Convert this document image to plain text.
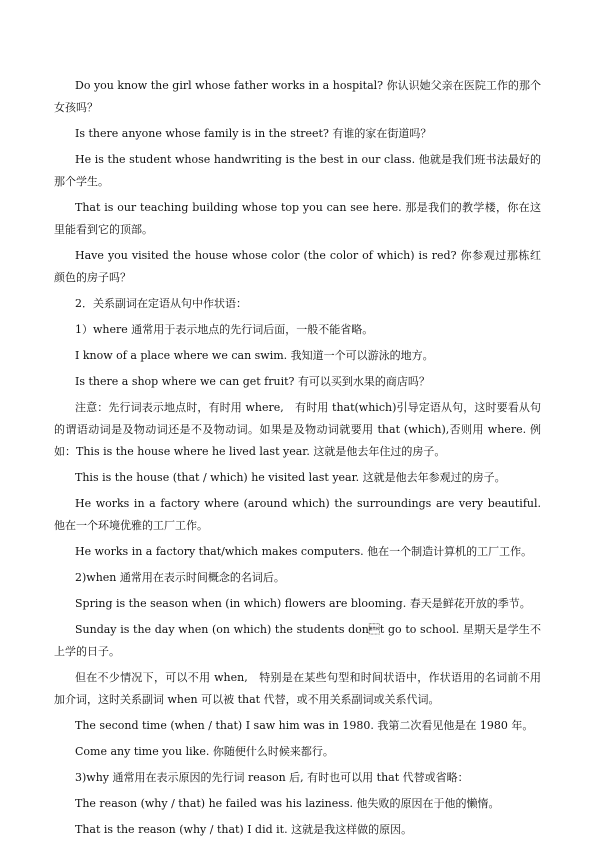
Do you know the girl whose father works in a hospital? 你认识她父亲在医院工作的那个女孩吗？

Is there anyone whose family is in the street? 有谁的家在街道吗？

He is the student whose handwriting is the best in our class. 他就是我们班书法最好的那个学生。

That is our teaching building whose top you can see here. 那是我们的教学楼，你在这里能看到它的顶部。

Have you visited the house whose color (the color of which) is red? 你参观过那栋红颜色的房子吗？

2．关系副词在定语从句中作状语：

1）where 通常用于表示地点的先行词后面，一般不能省略。

I know of a place where we can swim. 我知道一个可以游泳的地方。

Is there a shop where we can get fruit? 有可以买到水果的商店吗？

注意：先行词表示地点时，有时用 where,　有时用 that(which)引导定语从句，这时要看从句的谓语动词是及物动词还是不及物动词。如果是及物动词就要用 that (which),否则用 where. 例如：This is the house where he lived last year. 这就是他去年住过的房子。

This is the house (that / which) he visited last year. 这就是他去年参观过的房子。

He works in a factory where (around which) the surroundings are very beautiful. 他在一个环境优雅的工厂工作。

He works in a factory that/which makes computers. 他在一个制造计算机的工厂工作。

2)when 通常用在表示时间概念的名词后。

Spring is the season when (in which) flowers are blooming. 春天是鲜花开放的季节。

Sunday is the day when (on which) the students dont go to school. 星期天是学生不上学的日子。

但在不少情况下，可以不用 when,　特别是在某些句型和时间状语中，作状语用的名词前不用加介词，这时关系副词 when 可以被 that 代替，或不用关系副词或关系代词。

The second time (when / that) I saw him was in 1980. 我第二次看见他是在 1980 年。

Come any time you like. 你随便什么时候来都行。

3)why 通常用在表示原因的先行词 reason 后, 有时也可以用 that 代替或省略：

The reason (why / that) he failed was his laziness. 他失败的原因在于他的懒惰。

That is the reason (why / that) I did it. 这就是我这样做的原因。
